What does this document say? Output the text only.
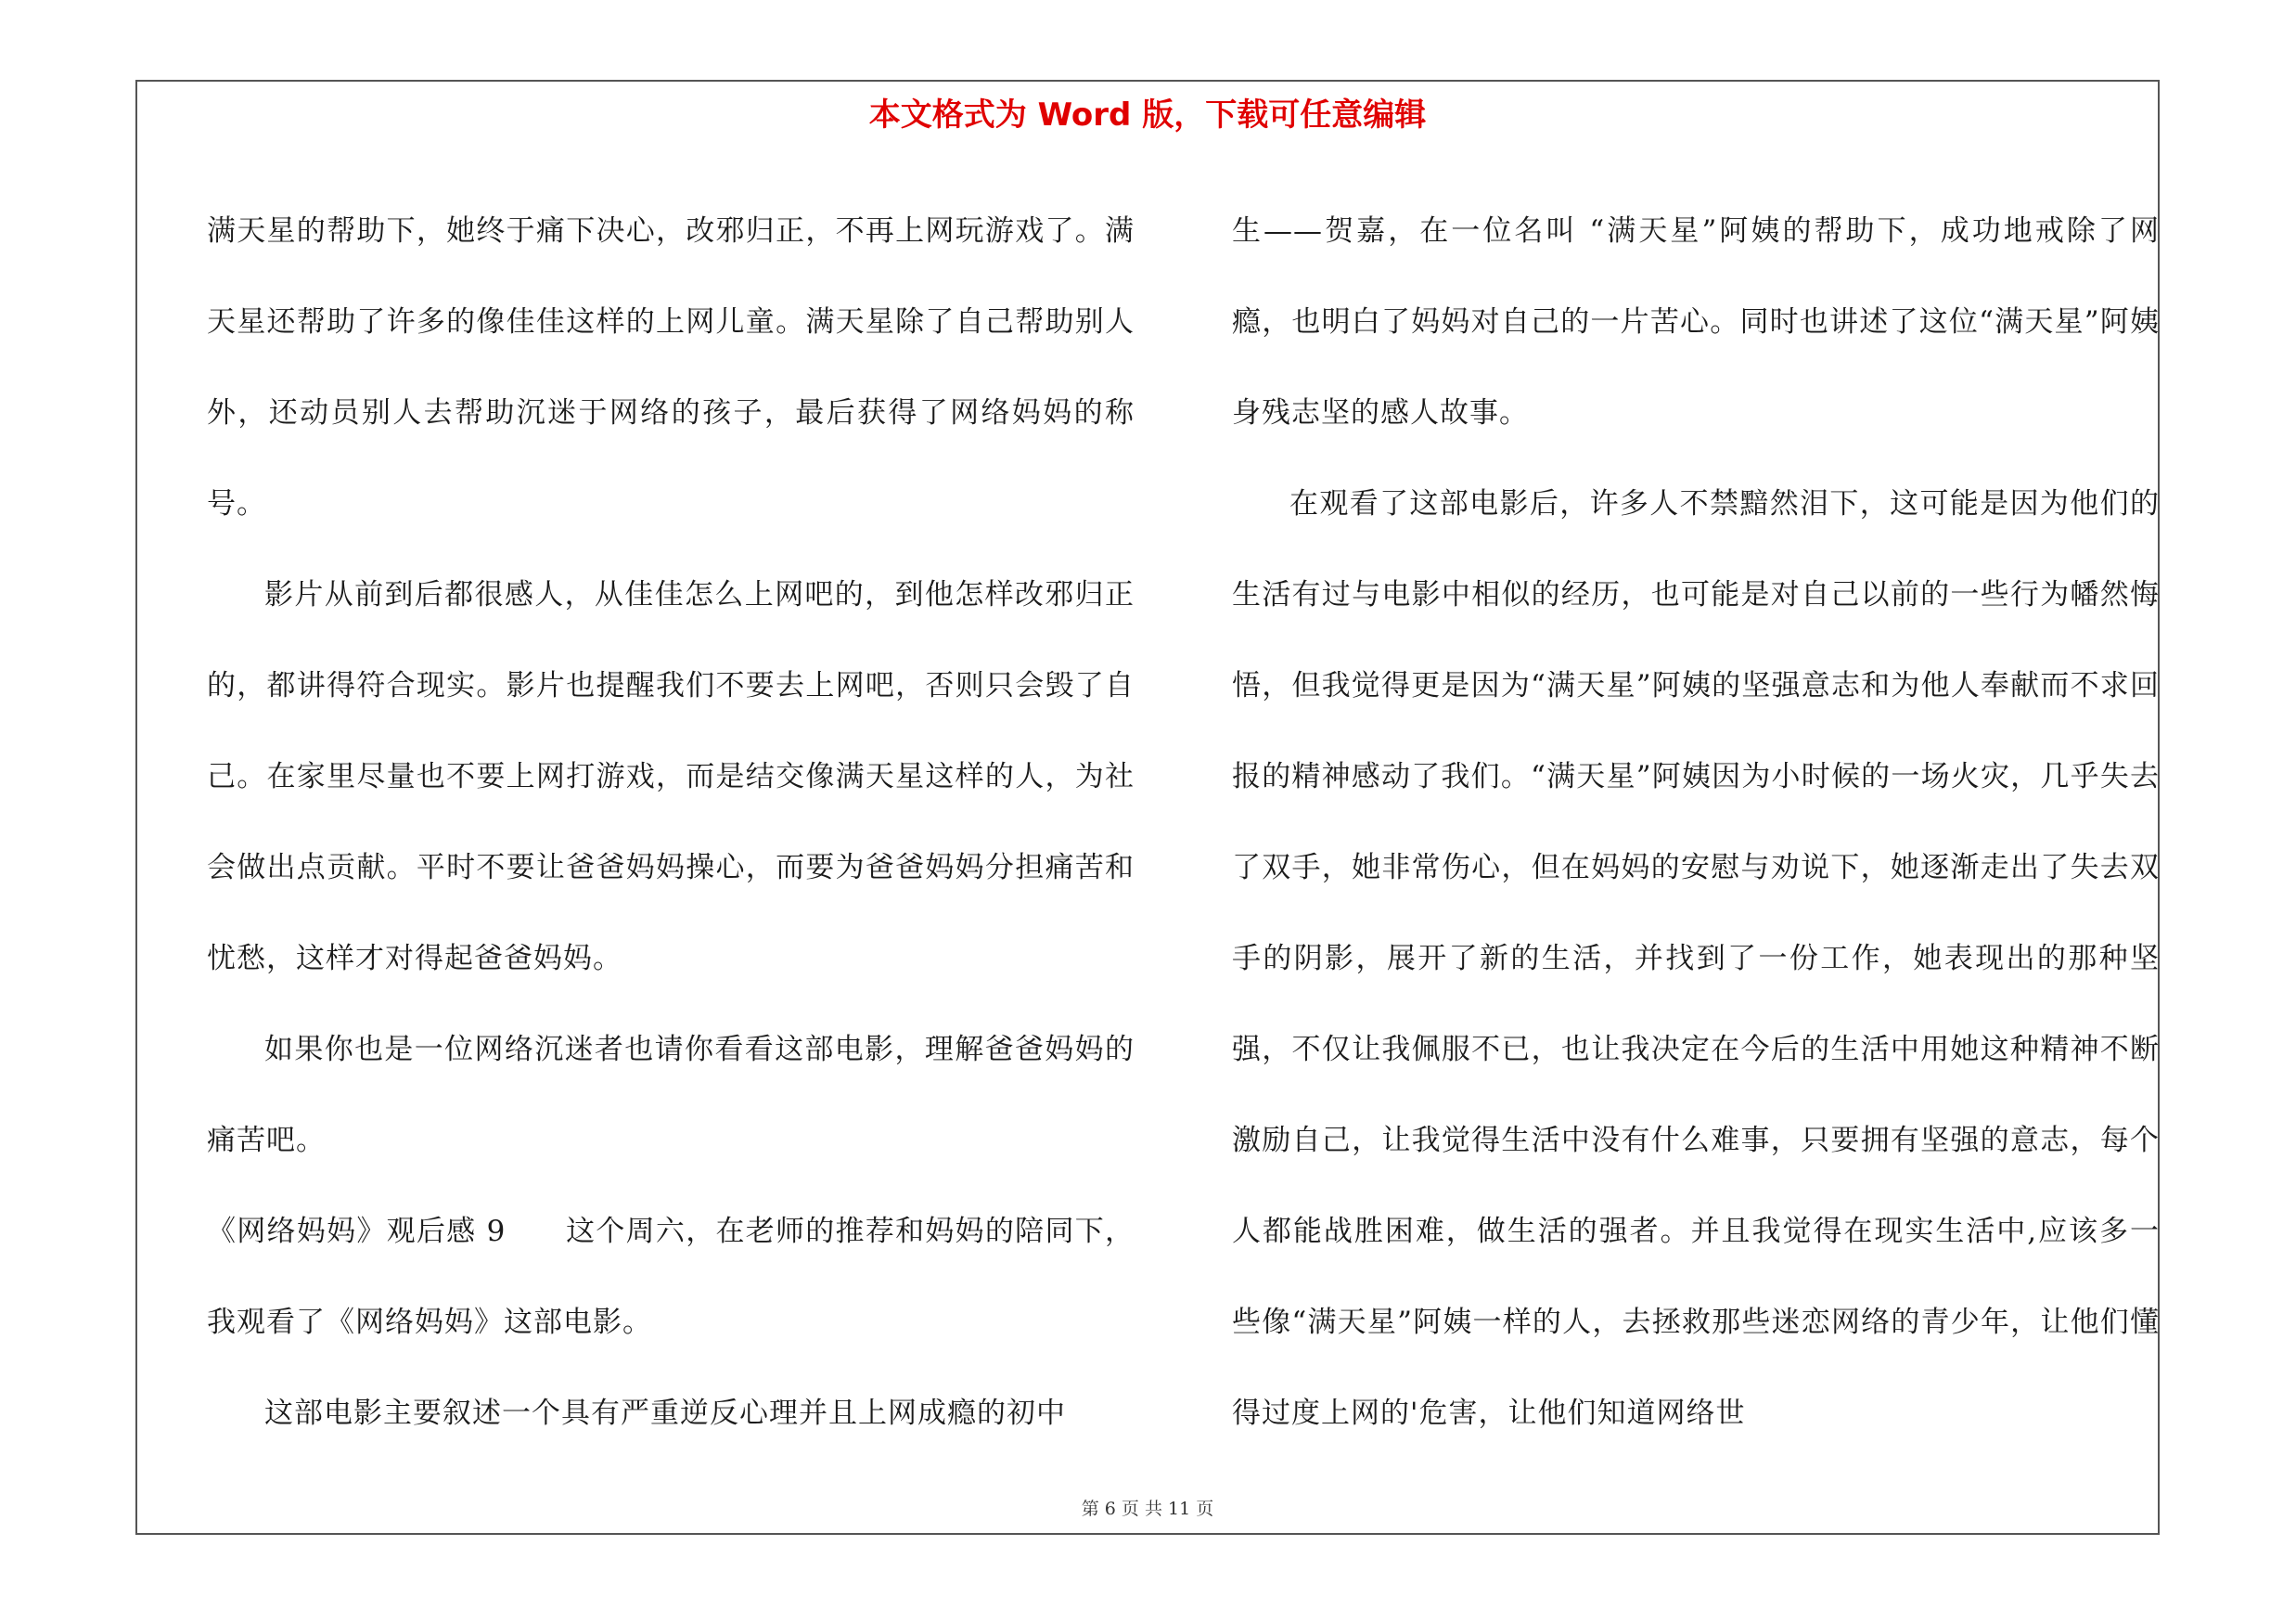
本文格式为 Word 版，下载可任意编辑

满天星的帮助下，她终于痛下决心，改邪归正，不再上网玩游戏了。满天星还帮助了许多的像佳佳这样的上网儿童。满天星除了自己帮助别人外，还动员别人去帮助沉迷于网络的孩子，最后获得了网络妈妈的称号。

影片从前到后都很感人，从佳佳怎么上网吧的，到他怎样改邪归正的，都讲得符合现实。影片也提醒我们不要去上网吧，否则只会毁了自己。在家里尽量也不要上网打游戏，而是结交像满天星这样的人，为社会做出点贡献。平时不要让爸爸妈妈操心，而要为爸爸妈妈分担痛苦和忧愁，这样才对得起爸爸妈妈。

如果你也是一位网络沉迷者也请你看看这部电影，理解爸爸妈妈的痛苦吧。

《网络妈妈》观后感 9　　这个周六，在老师的推荐和妈妈的陪同下，我观看了《网络妈妈》这部电影。

这部电影主要叙述一个具有严重逆反心理并且上网成瘾的初中

生——贺嘉，在一位名叫 “满天星”阿姨的帮助下，成功地戒除了网瘾，也明白了妈妈对自己的一片苦心。同时也讲述了这位“满天星”阿姨身残志坚的感人故事。

在观看了这部电影后，许多人不禁黯然泪下，这可能是因为他们的生活有过与电影中相似的经历，也可能是对自己以前的一些行为幡然悔悟，但我觉得更是因为“满天星”阿姨的坚强意志和为他人奉献而不求回报的精神感动了我们。“满天星”阿姨因为小时候的一场火灾，几乎失去了双手，她非常伤心，但在妈妈的安慰与劝说下，她逐渐走出了失去双手的阴影，展开了新的生活，并找到了一份工作，她表现出的那种坚强，不仅让我佩服不已，也让我决定在今后的生活中用她这种精神不断激励自己，让我觉得生活中没有什么难事，只要拥有坚强的意志，每个人都能战胜困难，做生活的强者。并且我觉得在现实生活中,应该多一些像“满天星”阿姨一样的人，去拯救那些迷恋网络的青少年，让他们懂得过度上网的'危害，让他们知道网络世

第 6 页 共 11 页
